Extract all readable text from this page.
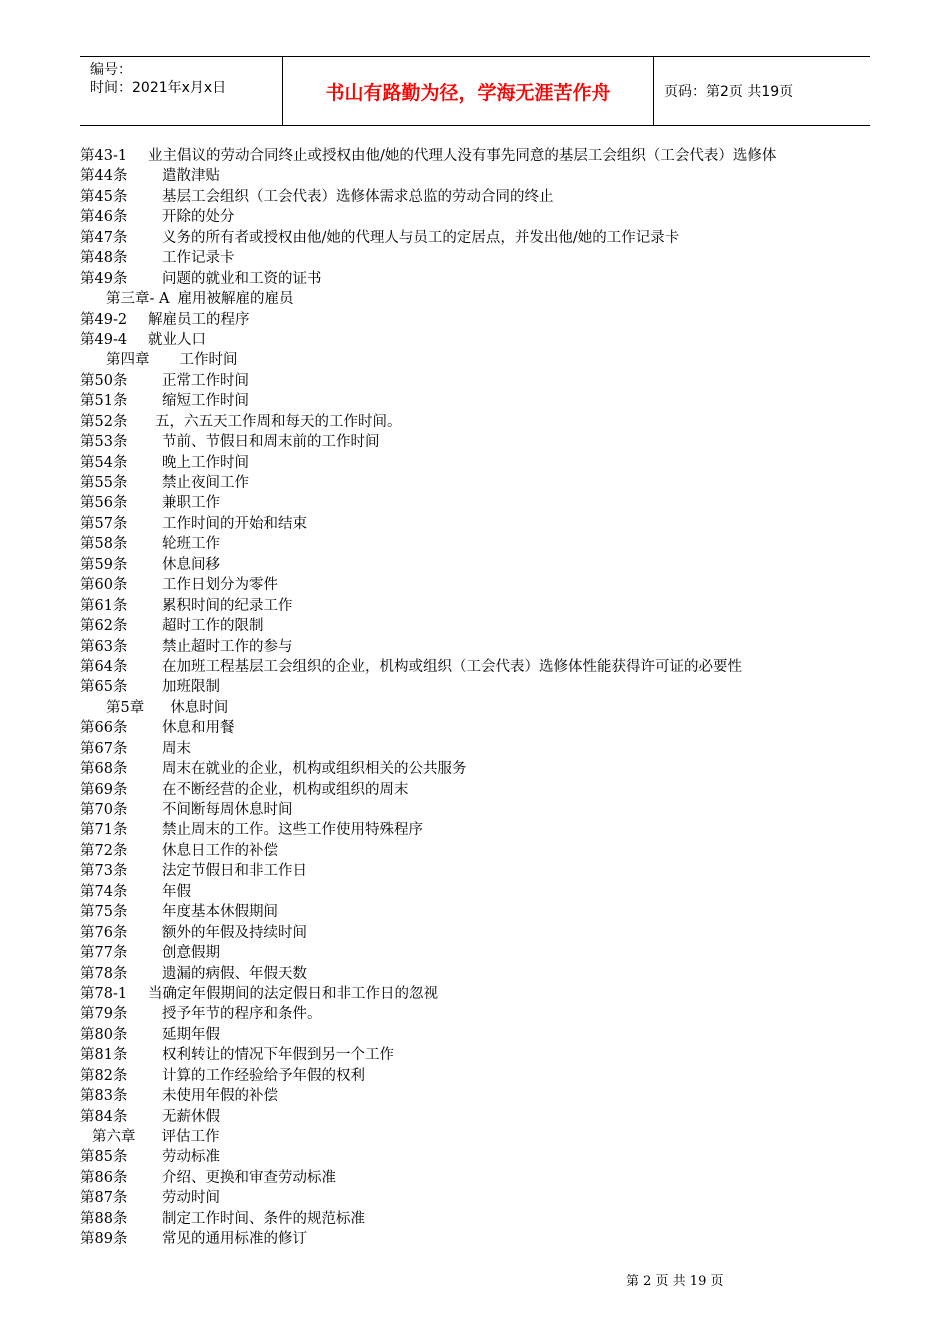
编号：
时间：2021年x月x日	书山有路勤为径，学海无涯苦作舟	页码：第2页 共19页
第43-1 业主倡议的劳动合同终止或授权由他/她的代理人没有事先同意的基层工会组织（工会代表）选修体
第44条 遣散津贴
第45条 基层工会组织（工会代表）选修体需求总监的劳动合同的终止
第46条 开除的处分
第47条 义务的所有者或授权由他/她的代理人与员工的定居点，并发出他/她的工作记录卡
第48条 工作记录卡
第49条 问题的就业和工资的证书
第三章- A 雇用被解雇的雇员
第49-2 解雇员工的程序
第49-4 就业人口
第四章 工作时间
第50条 正常工作时间
第51条 缩短工作时间
第52条 五，六五天工作周和每天的工作时间。
第53条 节前、节假日和周末前的工作时间
第54条 晚上工作时间
第55条 禁止夜间工作
第56条 兼职工作
第57条 工作时间的开始和结束
第58条 轮班工作
第59条 休息间移
第60条 工作日划分为零件
第61条 累积时间的纪录工作
第62条 超时工作的限制
第63条 禁止超时工作的参与
第64条 在加班工程基层工会组织的企业，机构或组织（工会代表）选修体性能获得许可证的必要性
第65条 加班限制
第5章 休息时间
第66条 休息和用餐
第67条 周末
第68条 周末在就业的企业，机构或组织相关的公共服务
第69条 在不断经营的企业，机构或组织的周末
第70条 不间断每周休息时间
第71条 禁止周末的工作。这些工作使用特殊程序
第72条 休息日工作的补偿
第73条 法定节假日和非工作日
第74条 年假
第75条 年度基本休假期间
第76条 额外的年假及持续时间
第77条 创意假期
第78条 遗漏的病假、年假天数
第78-1 当确定年假期间的法定假日和非工作日的忽视
第79条 授予年节的程序和条件。
第80条 延期年假
第81条 权利转让的情况下年假到另一个工作
第82条 计算的工作经验给予年假的权利
第83条 未使用年假的补偿
第84条 无薪休假
第六章 评估工作
第85条 劳动标准
第86条 介绍、更换和审查劳动标准
第87条 劳动时间
第88条 制定工作时间、条件的规范标准
第89条 常见的通用标准的修订
第 2 页 共 19 页
